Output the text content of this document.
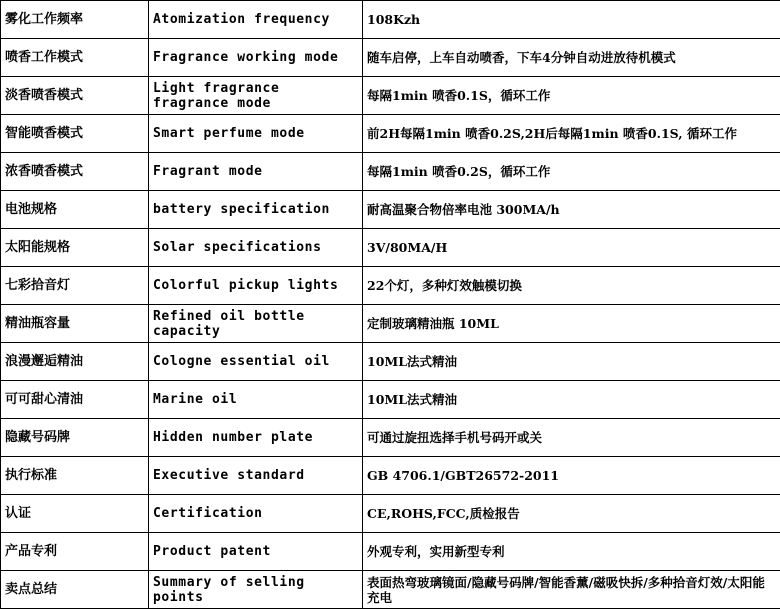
雾化工作频率	Atomization frequency	108Kzh
喷香工作模式	Fragrance working mode	随车启停，上车自动喷香，下车4分钟自动进放待机模式
淡香喷香模式	Light fragrance fragrance mode	每隔1min 喷香0.1S，循环工作
智能喷香模式	Smart perfume mode	前2H每隔1min 喷香0.2S,2H后每隔1min 喷香0.1S, 循环工作
浓香喷香模式	Fragrant mode	每隔1min 喷香0.2S，循环工作
电池规格	battery specification	耐高温聚合物倍率电池 300MA/h
太阳能规格	Solar specifications	3V/80MA/H
七彩拾音灯	Colorful pickup lights	22个灯，多种灯效触模切换
精油瓶容量	Refined oil bottle capacity	定制玻璃精油瓶 10ML
浪漫邂逅精油	Cologne essential oil	10ML法式精油
可可甜心清油	Marine oil	10ML法式精油
隐藏号码牌	Hidden number plate	可通过旋扭选择手机号码开或关
执行标准	Executive standard	GB 4706.1/GBT26572-2011
认证	Certification	CE,ROHS,FCC,质检报告
产品专利	Product patent	外观专利，实用新型专利
卖点总结	Summary of selling points	表面热弯玻璃镜面/隐藏号码牌/智能香薰/磁吸快拆/多种拾音灯效/太阳能充电
